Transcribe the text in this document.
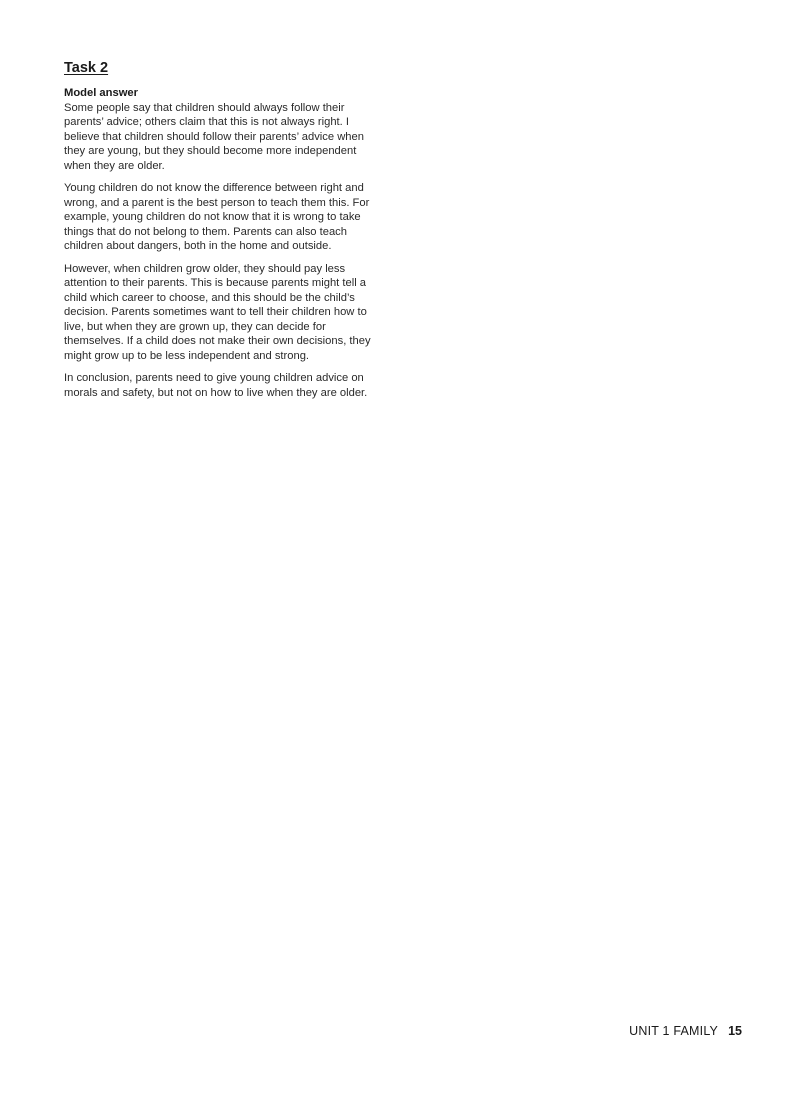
Task 2
Model answer

Some people say that children should always follow their parents’ advice; others claim that this is not always right. I believe that children should follow their parents’ advice when they are young, but they should become more independent when they are older.

Young children do not know the difference between right and wrong, and a parent is the best person to teach them this. For example, young children do not know that it is wrong to take things that do not belong to them. Parents can also teach children about dangers, both in the home and outside.

However, when children grow older, they should pay less attention to their parents. This is because parents might tell a child which career to choose, and this should be the child’s decision. Parents sometimes want to tell their children how to live, but when they are grown up, they can decide for themselves. If a child does not make their own decisions, they might grow up to be less independent and strong.

In conclusion, parents need to give young children advice on morals and safety, but not on how to live when they are older.

UNIT 1 FAMILY 15
